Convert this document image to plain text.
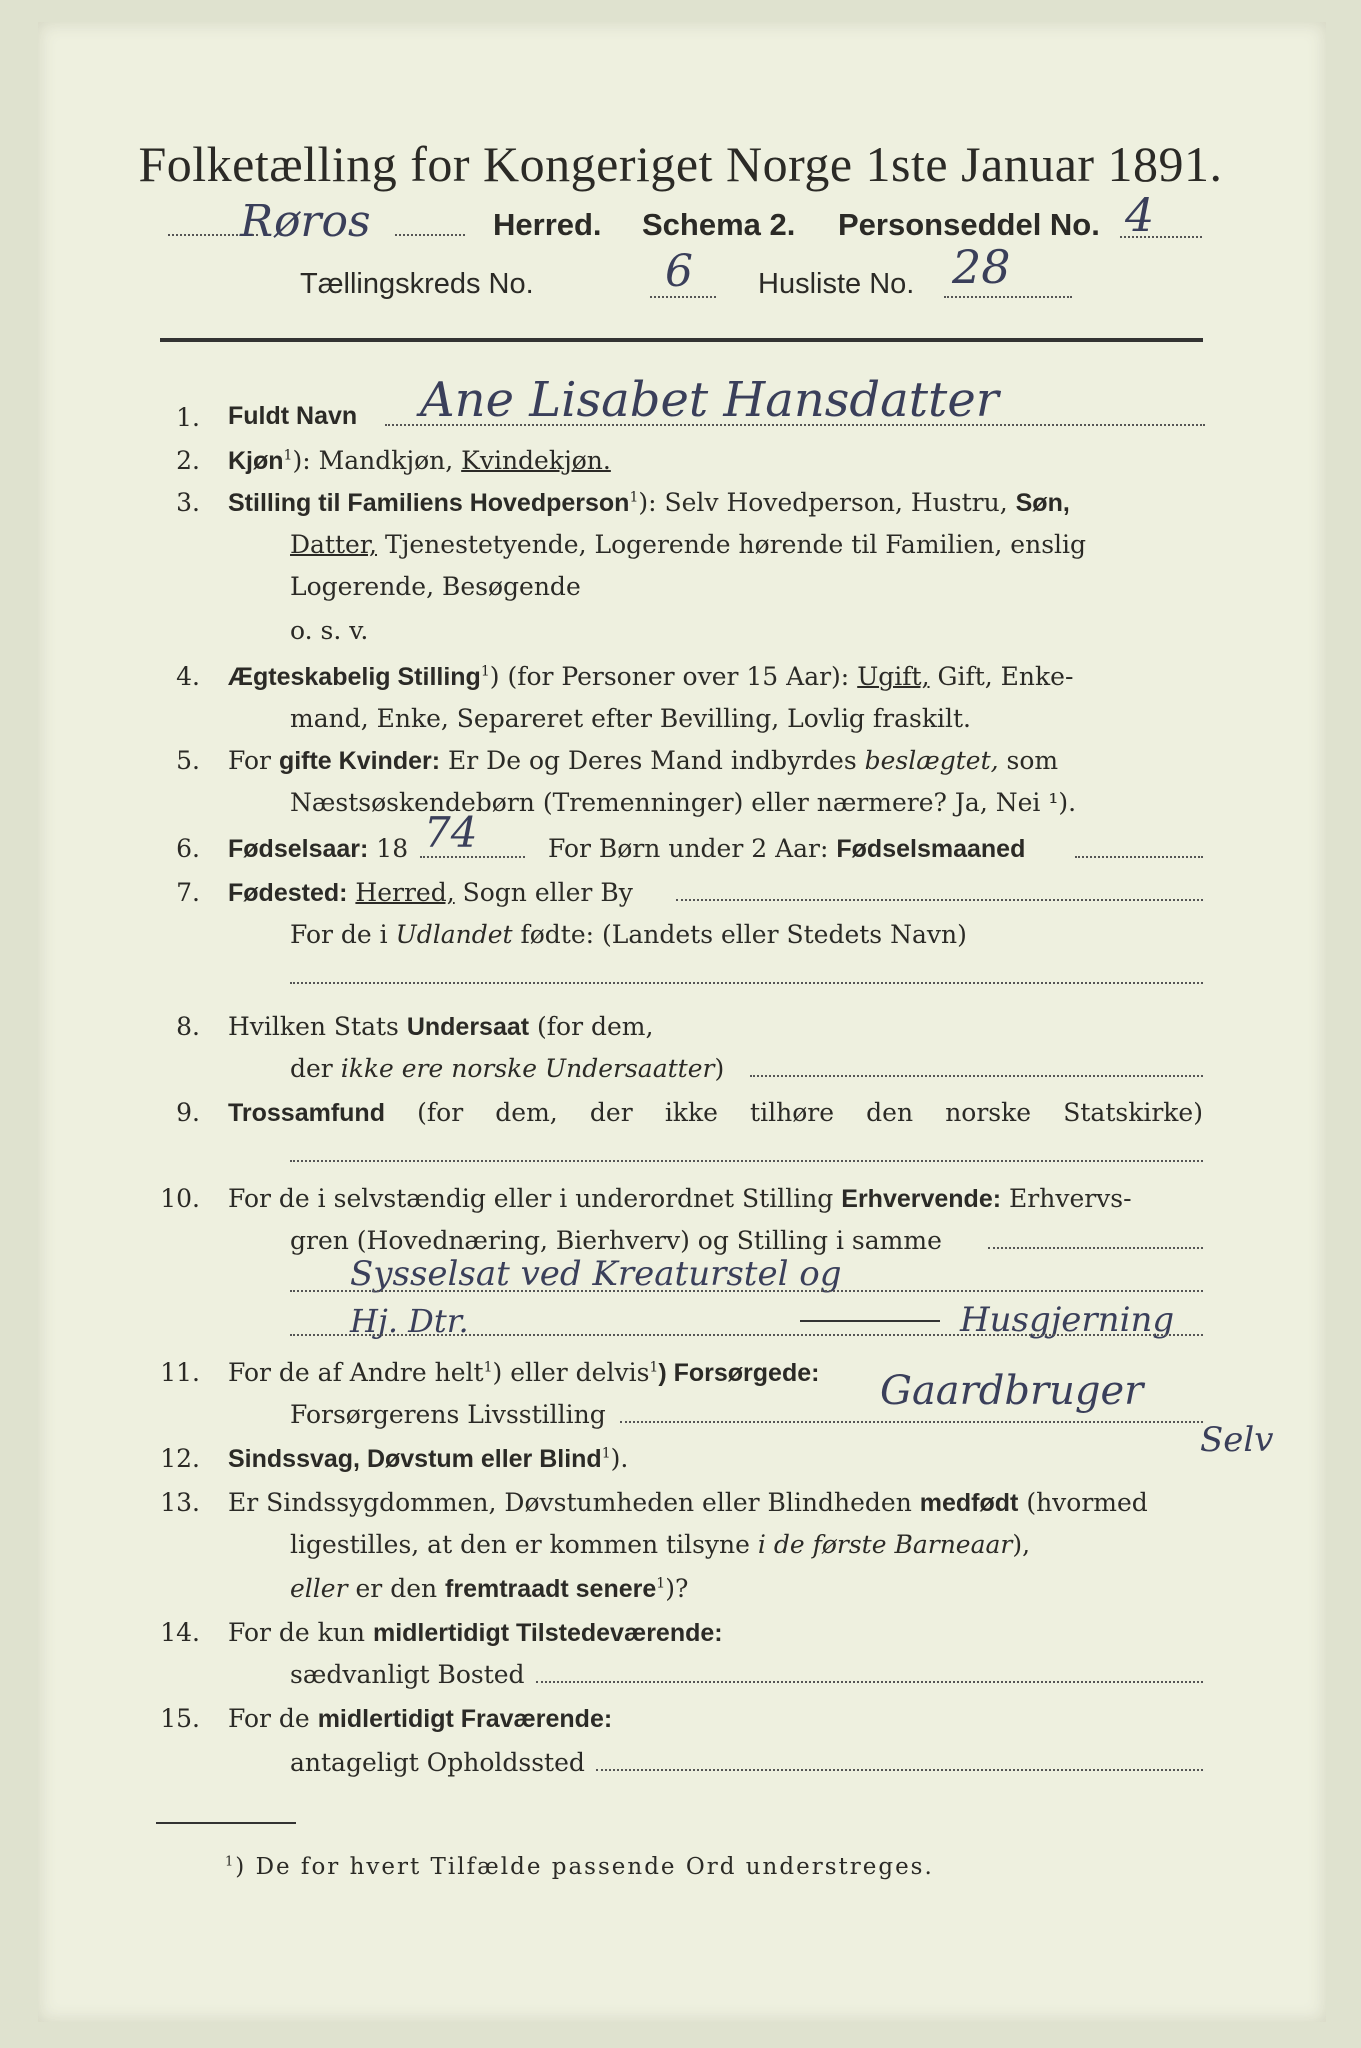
Folketælling for Kongeriget Norge 1ste Januar 1891.
Røros	Herred. Schema 2. Personseddel No. 4
Tællingskreds No.	6 Husliste No. 28
1. Fuldt Navn Ane Lisabet Hansdatter
2. Kjøn$^1$): Mandkjøn, Kvindekjøn.
3. Stilling til Familiens Hovedperson$^1$): Selv Hovedperson, Hustru, Søn,
Datter, Tjenestetyende, Logerende hørende til Familien, enslig
Logerende, Besøgende
o. s. v.
4. Ægteskabelig Stilling$^1$) (for Personer over 15 Aar): Ugift, Gift, Enke-
mand, Enke, Separeret efter Bevilling, Lovlig fraskilt.
5. For gifte Kvinder: Er De og Deres Mand indbyrdes beslægtet, som
Næstsøskendebørn (Tremenninger) eller nærmere? Ja, Nei ¹).
6. Fødselsaar: 18 74	For Børn under 2 Aar: Fødselsmaaned
7. Fødested: Herred, Sogn eller By
For de i Udlandet fødte: (Landets eller Stedets Navn)
8. Hvilken Stats Undersaat (for dem,
der ikke ere norske Undersaatter)
9. Trossamfund (for dem, der ikke tilhøre den norske Statskirke)
10. For de i selvstændig eller i underordnet Stilling Erhvervende: Erhvervs-
gren (Hovednæring, Bierhverv) og Stilling i samme
Sysselsat ved Kreaturstel og
Hj. Dtr.	Husgjerning
11. For de af Andre helt$^1$) eller delvis$^1$) Forsørgede:
Forsørgerens Livsstilling
Gaardbruger
Selv
12. Sindssvag, Døvstum eller Blind$^1$).
13. Er Sindssygdommen, Døvstumheden eller Blindheden medfødt (hvormed
ligestilles, at den er kommen tilsyne i de første Barneaar),
eller er den fremtraadt senere$^1$)?
14. For de kun midlertidigt Tilstedeværende:
sædvanligt Bosted
15. For de midlertidigt Fraværende:
antageligt Opholdssted
$^1$) De for hvert Tilfælde passende Ord understreges.
